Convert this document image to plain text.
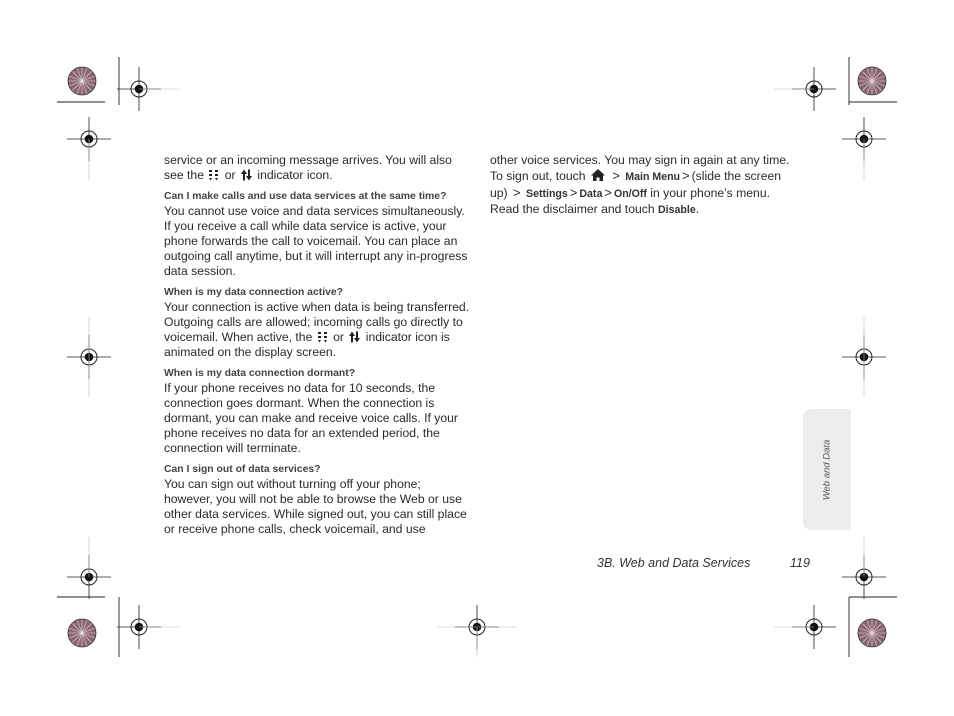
service or an incoming message arrives. You will also see the or indicator icon.

Can I make calls and use data services at the same time?

You cannot use voice and data services simultaneously. If you receive a call while data service is active, your phone forwards the call to voicemail. You can place an outgoing call anytime, but it will interrupt any in-progress data session.

When is my data connection active?

Your connection is active when data is being transferred. Outgoing calls are allowed; incoming calls go directly to voicemail. When active, the or indicator icon is animated on the display screen.

When is my data connection dormant?

If your phone receives no data for 10 seconds, the connection goes dormant. When the connection is dormant, you can make and receive voice calls. If your phone receives no data for an extended period, the connection will terminate.

Can I sign out of data services?

You can sign out without turning off your phone; however, you will not be able to browse the Web or use other data services. While signed out, you can still place or receive phone calls, check voicemail, and use

other voice services. You may sign in again at any time. To sign out, touch > Main Menu > (slide the screen up) > Settings > Data > On/Off in your phone’s menu. Read the disclaimer and touch Disable.

Web and Data
3B. Web and Data Services	119
